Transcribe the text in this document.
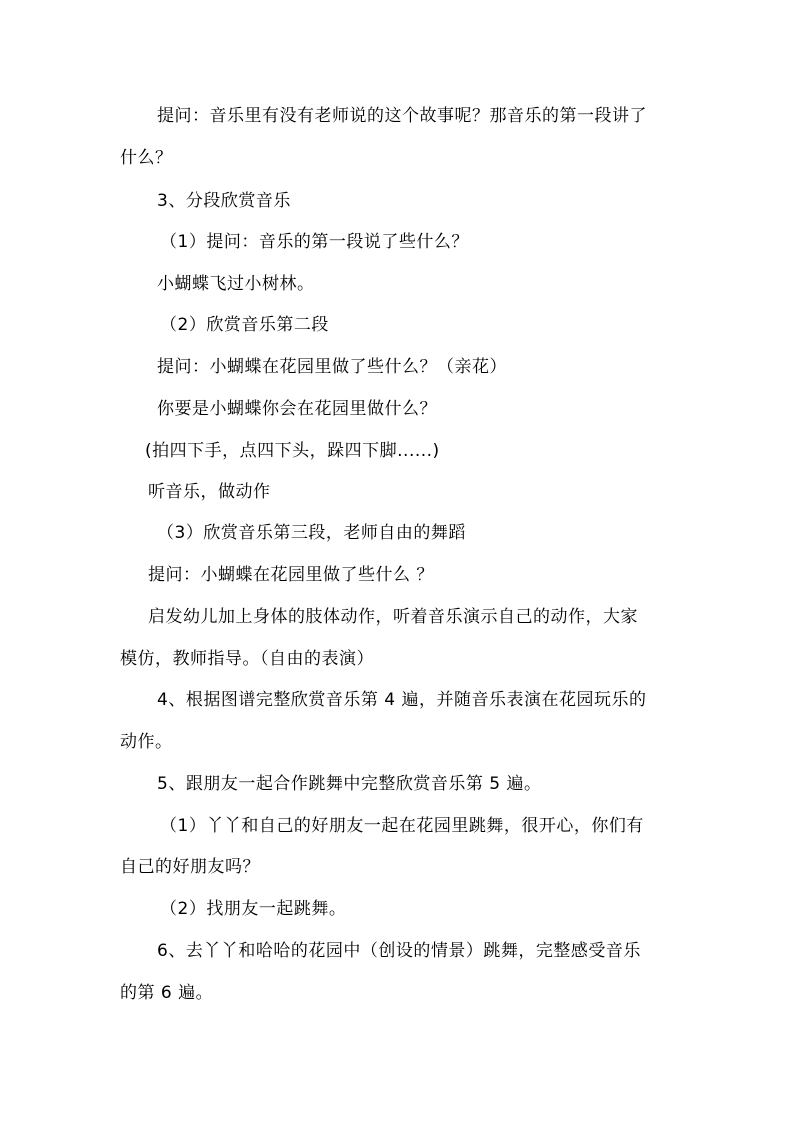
提问：音乐里有没有老师说的这个故事呢？那音乐的第一段讲了
什么？
3、分段欣赏音乐
（1）提问：音乐的第一段说了些什么？
小蝴蝶飞过小树林。
（2）欣赏音乐第二段
提问：小蝴蝶在花园里做了些什么？（亲花）
你要是小蝴蝶你会在花园里做什么？
(拍四下手，点四下头，跺四下脚......)
听音乐，做动作
（3）欣赏音乐第三段，老师自由的舞蹈
提问：小蝴蝶在花园里做了些什么 ？
启发幼儿加上身体的肢体动作，听着音乐演示自己的动作，大家
模仿，教师指导。（自由的表演）
4、根据图谱完整欣赏音乐第 4 遍，并随音乐表演在花园玩乐的
动作。
5、跟朋友一起合作跳舞中完整欣赏音乐第 5 遍。
（1）丫丫和自己的好朋友一起在花园里跳舞，很开心，你们有
自己的好朋友吗？
（2）找朋友一起跳舞。
6、去丫丫和哈哈的花园中（创设的情景）跳舞，完整感受音乐
的第 6 遍。
